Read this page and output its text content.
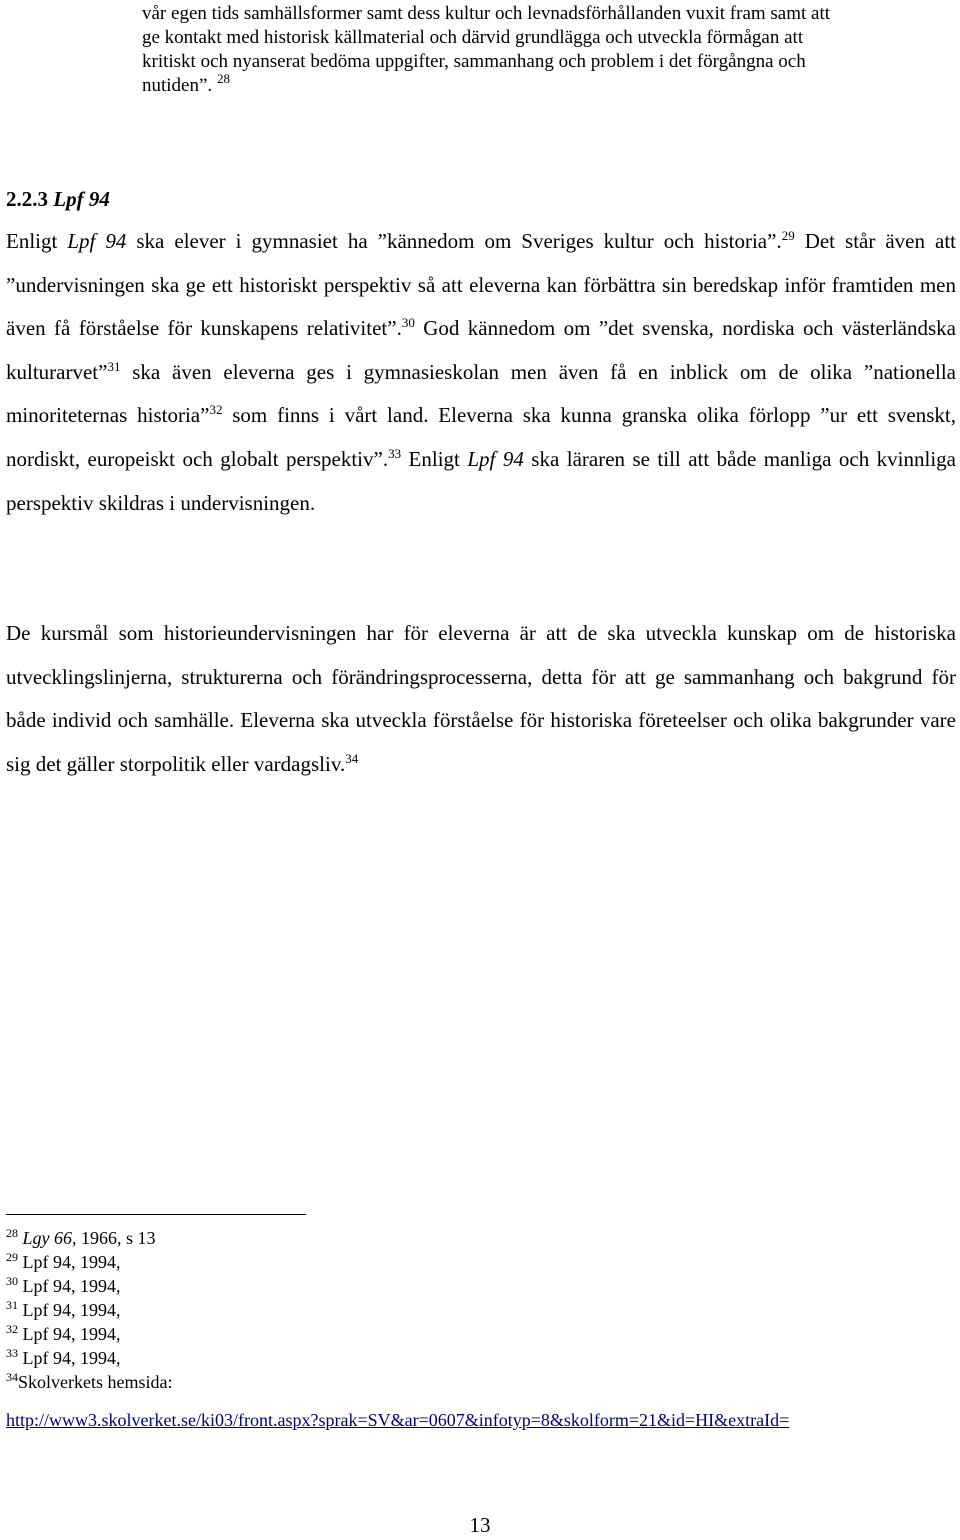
vår egen tids samhällsformer samt dess kultur och levnadsförhållanden vuxit fram samt att ge kontakt med historisk källmaterial och därvid grundlägga och utveckla förmågan att kritiskt och nyanserat bedöma uppgifter, sammanhang och problem i det förgångna och nutiden”. $^{28}$

2.2.3 Lpf 94

Enligt Lpf 94 ska elever i gymnasiet ha ”kännedom om Sveriges kultur och historia”.$^{29}$ Det står även att ”undervisningen ska ge ett historiskt perspektiv så att eleverna kan förbättra sin beredskap inför framtiden men även få förståelse för kunskapens relativitet”.$^{30}$ God kännedom om ”det svenska, nordiska och västerländska kulturarvet”$^{31}$ ska även eleverna ges i gymnasieskolan men även få en inblick om de olika ”nationella minoriteternas historia”$^{32}$ som finns i vårt land. Eleverna ska kunna granska olika förlopp ”ur ett svenskt, nordiskt, europeiskt och globalt perspektiv”.$^{33}$ Enligt Lpf 94 ska läraren se till att både manliga och kvinnliga perspektiv skildras i undervisningen.

De kursmål som historieundervisningen har för eleverna är att de ska utveckla kunskap om de historiska utvecklingslinjerna, strukturerna och förändringsprocesserna, detta för att ge sammanhang och bakgrund för både individ och samhälle. Eleverna ska utveckla förståelse för historiska företeelser och olika bakgrunder vare sig det gäller storpolitik eller vardagsliv.$^{34}$

$^{28}$ Lgy 66, 1966, s 13
$^{29}$ Lpf 94, 1994,
$^{30}$ Lpf 94, 1994,
$^{31}$ Lpf 94, 1994,
$^{32}$ Lpf 94, 1994,
$^{33}$ Lpf 94, 1994,
$^{34}$Skolverkets hemsida:
http://www3.skolverket.se/ki03/front.aspx?sprak=SV&ar=0607&infotyp=8&skolform=21&id=HI&extraId=
13
